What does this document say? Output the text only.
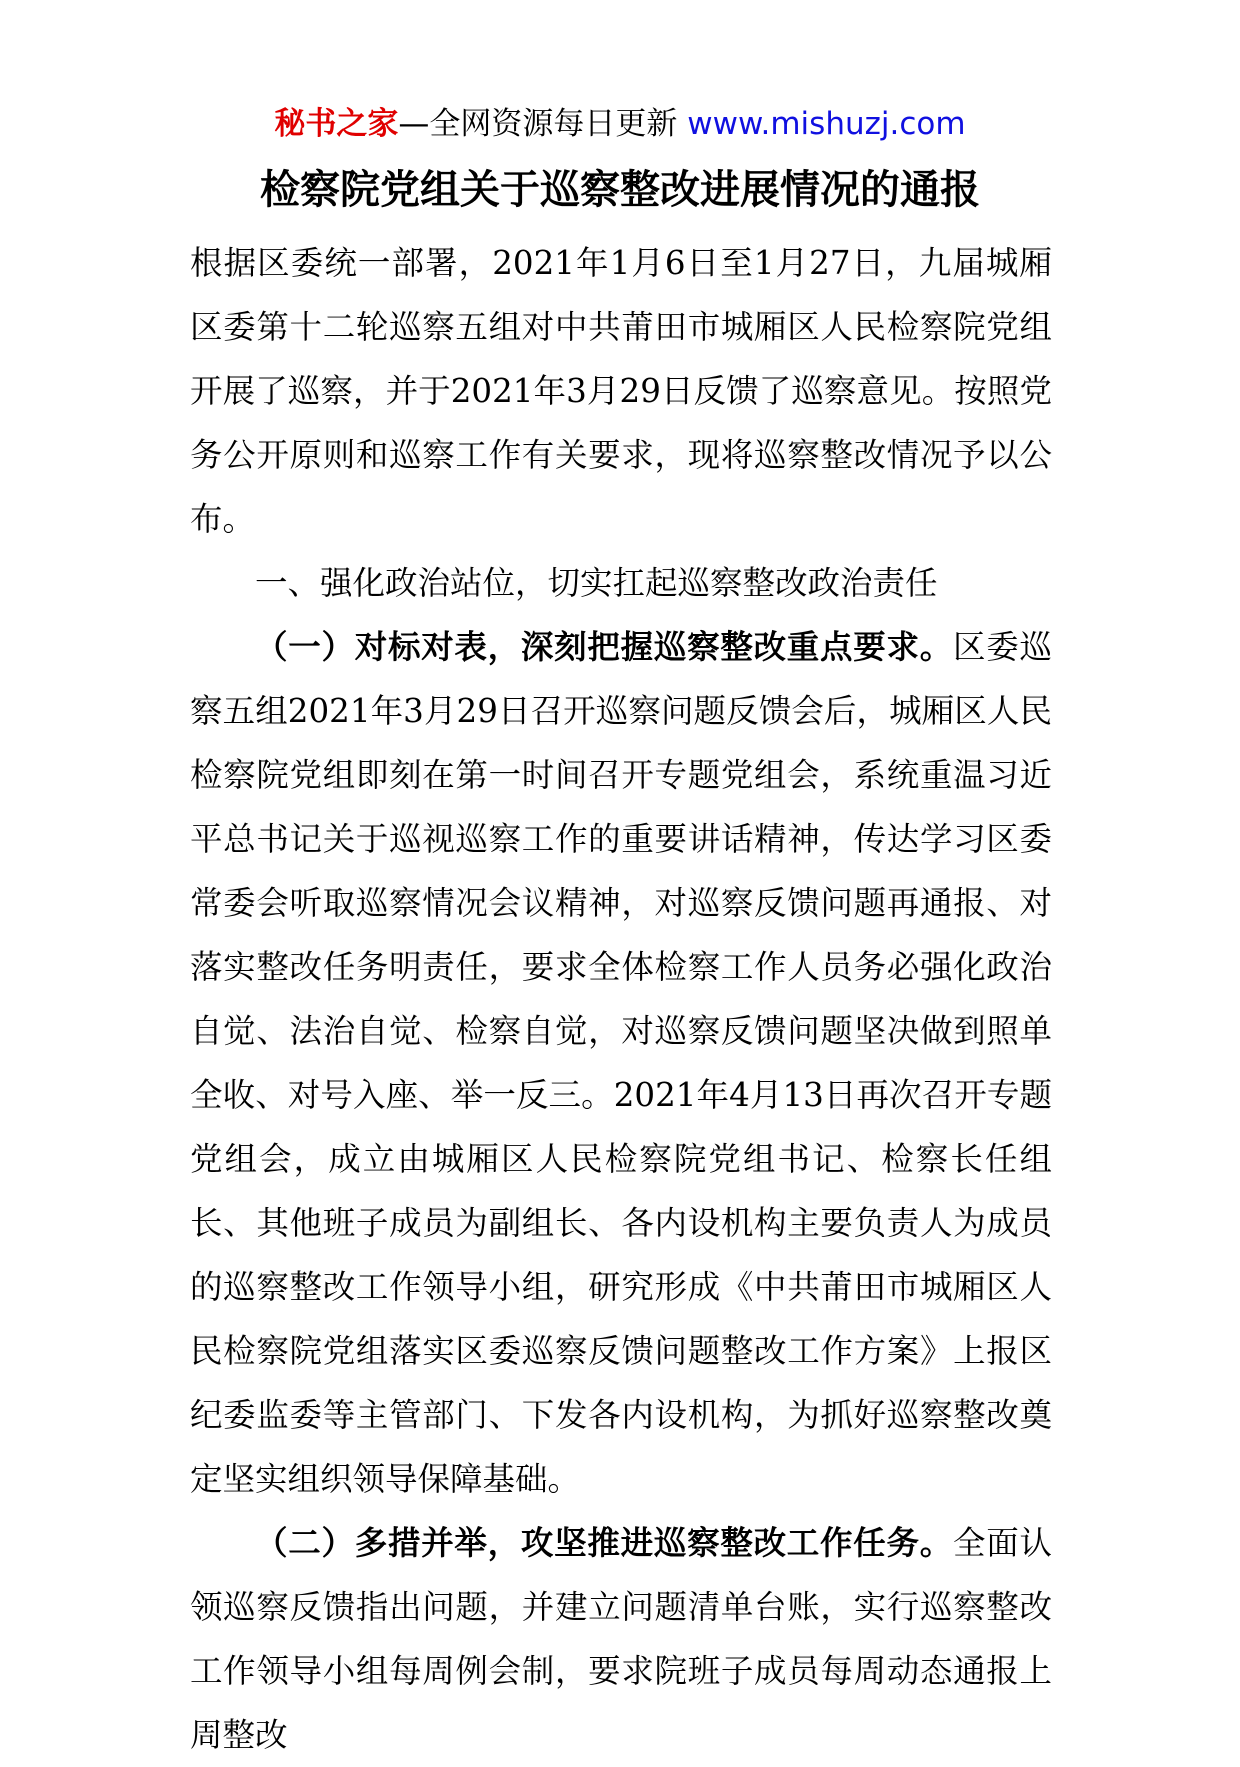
秘书之家—全网资源每日更新 www.mishuzj.com
检察院党组关于巡察整改进展情况的通报

根据区委统一部署，2021年1月6日至1月27日，九届城厢区委第十二轮巡察五组对中共莆田市城厢区人民检察院党组开展了巡察，并于2021年3月29日反馈了巡察意见。按照党务公开原则和巡察工作有关要求，现将巡察整改情况予以公布。

一、强化政治站位，切实扛起巡察整改政治责任

（一）对标对表，深刻把握巡察整改重点要求。区委巡察五组2021年3月29日召开巡察问题反馈会后，城厢区人民检察院党组即刻在第一时间召开专题党组会，系统重温习近平总书记关于巡视巡察工作的重要讲话精神，传达学习区委常委会听取巡察情况会议精神，对巡察反馈问题再通报、对落实整改任务明责任，要求全体检察工作人员务必强化政治自觉、法治自觉、检察自觉，对巡察反馈问题坚决做到照单全收、对号入座、举一反三。2021年4月13日再次召开专题党组会，成立由城厢区人民检察院党组书记、检察长任组长、其他班子成员为副组长、各内设机构主要负责人为成员的巡察整改工作领导小组，研究形成《中共莆田市城厢区人民检察院党组落实区委巡察反馈问题整改工作方案》上报区纪委监委等主管部门、下发各内设机构，为抓好巡察整改奠定坚实组织领导保障基础。

（二）多措并举，攻坚推进巡察整改工作任务。全面认领巡察反馈指出问题，并建立问题清单台账，实行巡察整改工作领导小组每周例会制，要求院班子成员每周动态通报上周整改
